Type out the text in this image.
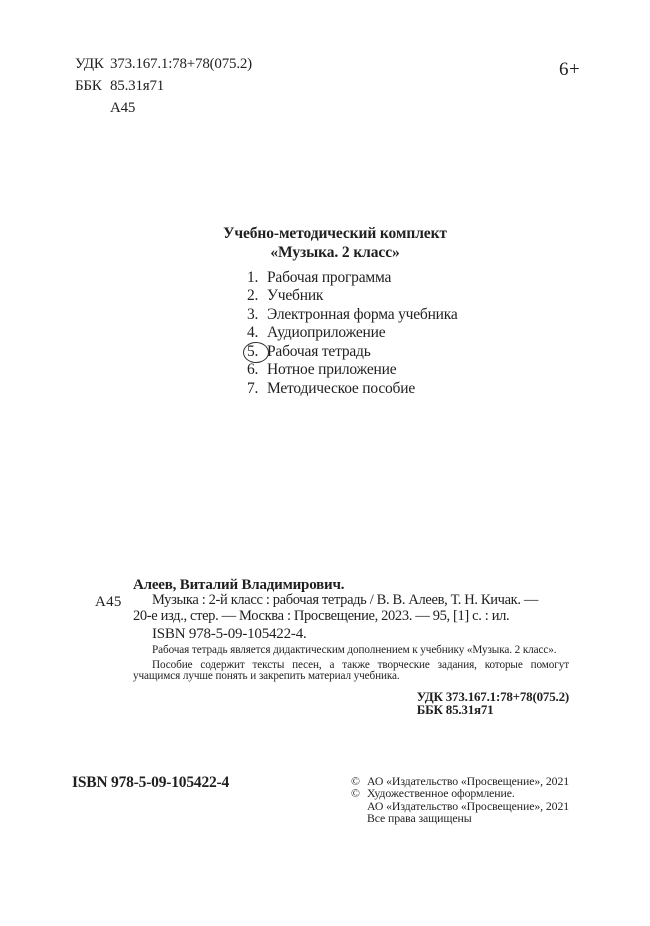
УДК 373.167.1:78+78(075.2)
ББК 85.31я71
А45
6+
Учебно-методический комплект
«Музыка. 2 класс»
1. Рабочая программа
2. Учебник
3. Электронная форма учебника
4. Аудиоприложение
5. Рабочая тетрадь
6. Нотное приложение
7. Методическое пособие
А45
Алеев, Виталий Владимирович.
Музыка : 2-й класс : рабочая тетрадь / В. В. Алеев, Т. Н. Кичак. —
20-е изд., стер. — Москва : Просвещение, 2023. — 95, [1] с. : ил.
ISBN 978-5-09-105422-4.

Рабочая тетрадь является дидактическим дополнением к учебнику «Музыка. 2 класс».

Пособие содержит тексты песен, а также творческие задания, которые помогут учащимся лучше понять и закрепить материал учебника.

УДК 373.167.1:78+78(075.2)
ББК 85.31я71
ISBN 978-5-09-105422-4	© АО «Издательство «Просвещение», 2021
© Художественное оформление.
АО «Издательство «Просвещение», 2021
Все права защищены
